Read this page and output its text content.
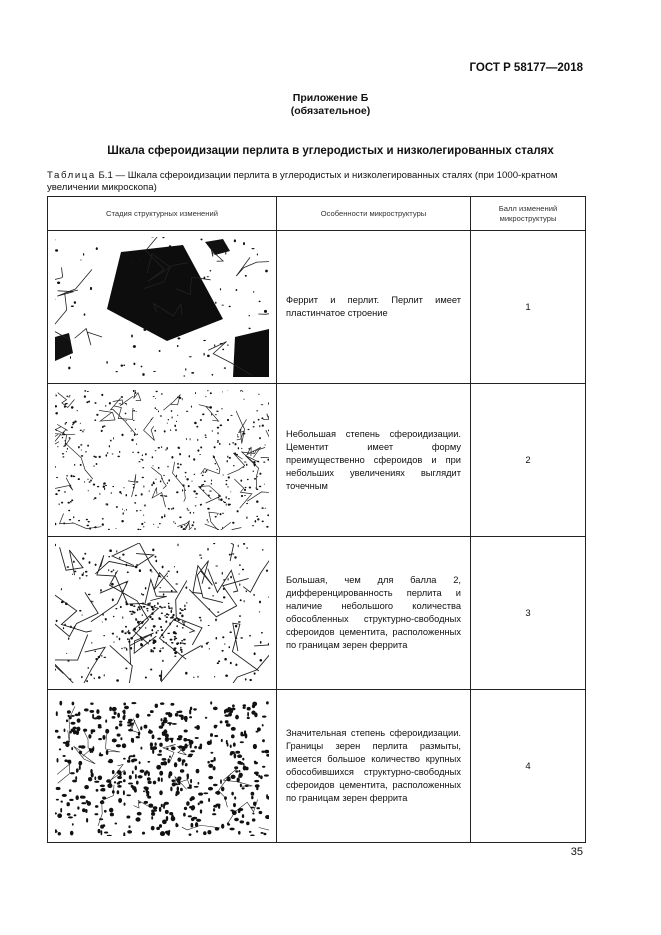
ГОСТ Р 58177—2018
Приложение Б
(обязательное)
Шкала сфероидизации перлита в углеродистых и низколегированных сталях
Таблица Б.1 — Шкала сфероидизации перлита в углеродистых и низколегированных сталях (при 1000-кратном увеличении микроскопа)
Стадия структурных изменений	Особенности микроструктуры	Балл изменений микроструктуры

	Феррит и перлит. Перлит имеет пластинчатое строение	1

	Небольшая степень сфероидизации. Цементит имеет форму преимущественно сфероидов и при небольших увеличениях выглядит точечным	2

	Большая, чем для балла 2, дифференцированность перлита и наличие небольшого количества обособленных структурно-свободных сфероидов цементита, расположенных по границам зерен феррита	3

	Значительная степень сфероидизации. Границы зерен перлита размыты, имеется большое количество крупных обособившихся структурно-свободных сфероидов цементита, расположенных по границам зерен феррита	4
35
